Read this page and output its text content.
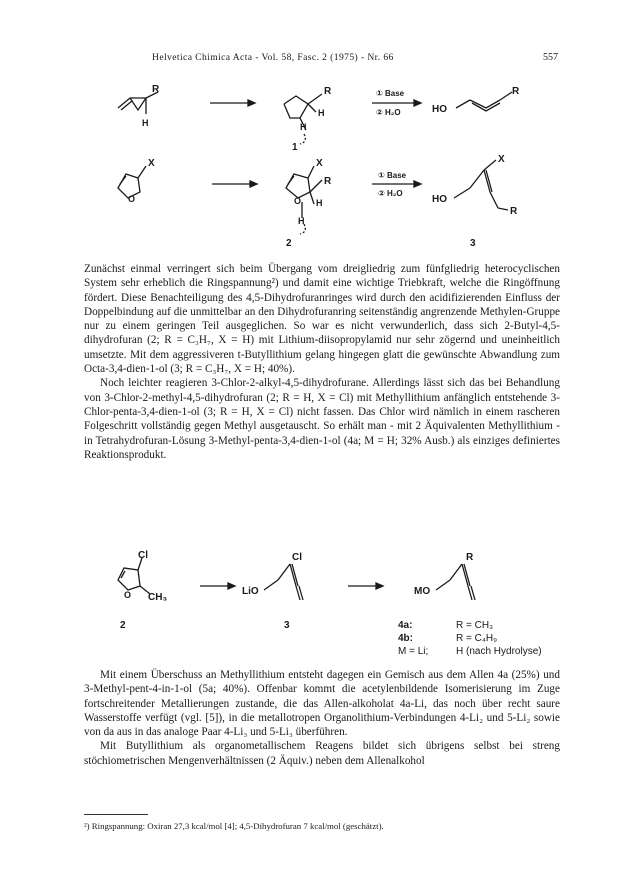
Helvetica Chimica Acta - Vol. 58, Fasc. 2 (1975) - Nr. 66	557
R
H
R
H
H
① Base
② H₂O	HO
R
1
X
O
X
R
O H
H
① Base
② H₂O
HO
X
R
2	3

Zunächst einmal verringert sich beim Übergang vom dreigliedrig zum fünfgliedrig heterocyclischen System sehr erheblich die Ringspannung²) und damit eine wichtige Triebkraft, welche die Ringöffnung fördert. Diese Benachteiligung des 4,5-Dihydrofuranringes wird durch den acidifizierenden Einfluss der Doppelbindung auf die unmittelbar an den Dihydrofuranring seitenständig angrenzende Methylen-Gruppe nur zu einem geringen Teil ausgeglichen. So war es nicht verwunderlich, dass sich 2-Butyl-4,5-dihydrofuran (2; R = C₃H₇, X = H) mit Lithium-diisopropylamid nur sehr zögernd und uneinheitlich umsetzte. Mit dem aggressiveren t-Butyllithium gelang hingegen glatt die gewünschte Abwandlung zum Octa-3,4-dien-1-ol (3; R = C₃H₇, X = H; 40%).

Noch leichter reagieren 3-Chlor-2-alkyl-4,5-dihydrofurane. Allerdings lässt sich das bei Behandlung von 3-Chlor-2-methyl-4,5-dihydrofuran (2; R = H, X = Cl) mit Methyllithium anfänglich entstehende 3-Chlor-penta-3,4-dien-1-ol (3; R = H, X = Cl) nicht fassen. Das Chlor wird nämlich in einem rascheren Folgeschritt vollständig gegen Methyl ausgetauscht. So erhält man - mit 2 Äquivalenten Methyllithium - in Tetrahydrofuran-Lösung 3-Methyl-penta-3,4-dien-1-ol (4a; M = H; 32% Ausb.) als einziges definiertes Reaktionsprodukt.

Cl
O CH₃
LiO
Cl
MO
R
2	3	4a:	R = CH₃
4b:	R = C₄H₉
M = Li;	H (nach Hydrolyse)

Mit einem Überschuss an Methyllithium entsteht dagegen ein Gemisch aus dem Allen 4a (25%) und 3-Methyl-pent-4-in-1-ol (5a; 40%). Offenbar kommt die acetylenbildende Isomerisierung im Zuge fortschreitender Metallierungen zustande, die das Allen-alkoholat 4a-Li, das noch über recht saure Wasserstoffe verfügt (vgl. [5]), in die metallotropen Organolithium-Verbindungen 4-Li₂ und 5-Li₂ sowie von da aus in das analoge Paar 4-Li₃ und 5-Li₃ überführen.

Mit Butyllithium als organometallischem Reagens bildet sich übrigens selbst bei streng stöchiometrischen Mengenverhältnissen (2 Äquiv.) neben dem Allenalkohol

²) Ringspannung: Oxiran 27,3 kcal/mol [4]; 4,5-Dihydrofuran 7 kcal/mol (geschätzt).
